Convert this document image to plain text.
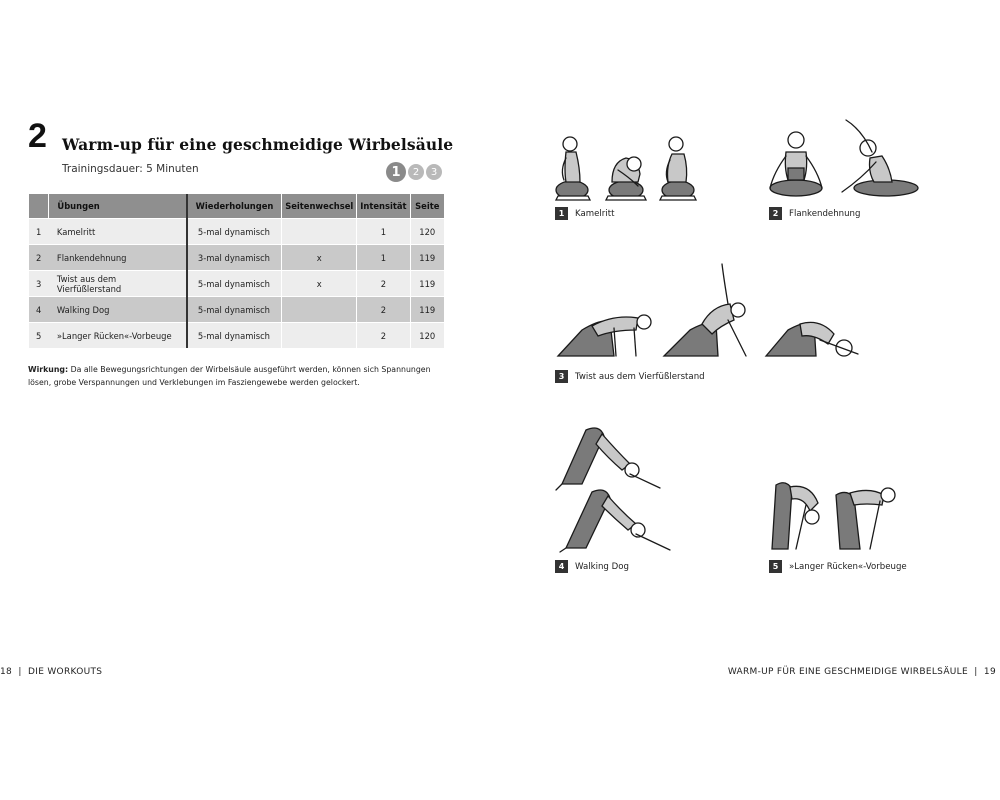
2 Warm-up für eine geschmeidige Wirbelsäule
Trainingsdauer: 5 Minuten	1	2	3
	Übungen	Wiederholungen	Seitenwechsel	Intensität	Seite
1	Kamelritt	5-mal dynamisch		1	120
2	Flankendehnung	3-mal dynamisch	x	1	119
3	Twist aus dem Vierfüßlerstand	5-mal dynamisch	x	2	119
4	Walking Dog	5-mal dynamisch		2	119
5	»Langer Rücken«-Vorbeuge	5-mal dynamisch		2	120
Wirkung: Da alle Bewegungsrichtungen der Wirbelsäule ausgeführt werden, können sich Spannungen lösen, grobe Verspannungen und Verklebungen im Fasziengewebe werden gelockert.
18  |  DIE WORKOUTS	WARM-UP FÜR EINE GESCHMEIDIGE WIRBELSÄULE  |  19
1	Kamelritt	2	Flankendehnung
3	Twist aus dem Vierfüßlerstand
4	Walking Dog	5	»Langer Rücken«-Vorbeuge
